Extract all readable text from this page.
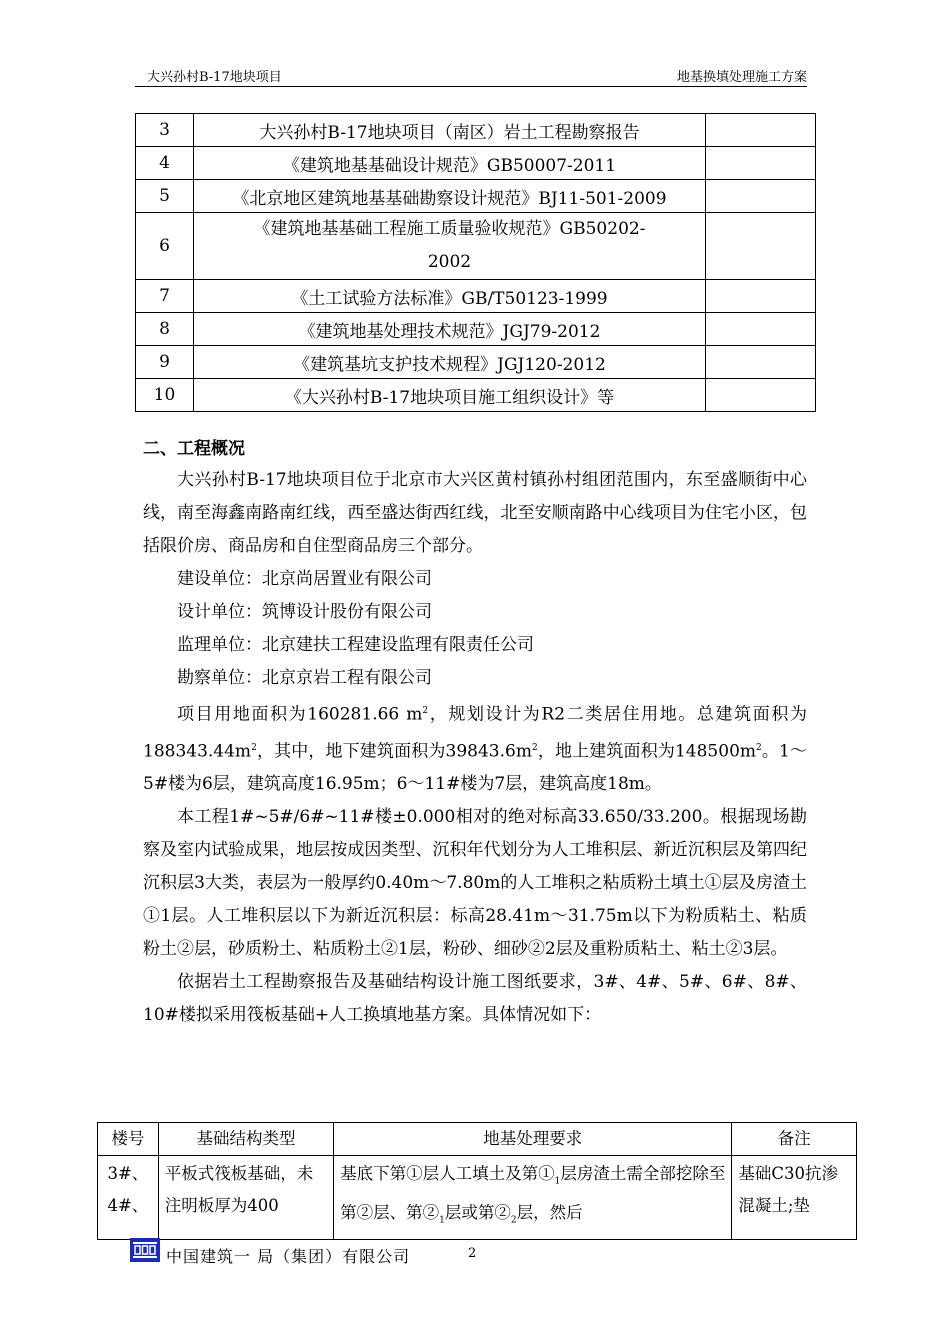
大兴孙村B-17地块项目	地基换填处理施工方案
3	大兴孙村B-17地块项目（南区）岩土工程勘察报告	
4	《建筑地基基础设计规范》GB50007-2011	
5	《北京地区建筑地基基础勘察设计规范》BJ11-501-2009	
6	《建筑地基基础工程施工质量验收规范》GB50202-
2002	

7	《土工试验方法标准》GB/T50123-1999	
8	《建筑地基处理技术规范》JGJ79-2012	
9	《建筑基坑支护技术规程》JGJ120-2012	
10	《大兴孙村B-17地块项目施工组织设计》等	
二、工程概况

大兴孙村B-17地块项目位于北京市大兴区黄村镇孙村组团范围内，东至盛顺街中心线，南至海鑫南路南红线，西至盛达街西红线，北至安顺南路中心线项目为住宅小区，包括限价房、商品房和自住型商品房三个部分。

建设单位：北京尚居置业有限公司

设计单位：筑博设计股份有限公司

监理单位：北京建扶工程建设监理有限责任公司

勘察单位：北京京岩工程有限公司

项目用地面积为160281.66 $m^2$，规划设计为R2二类居住用地。总建筑面积为$188343.44m^2$，其中，地下建筑面积为$39843.6m^2$，地上建筑面积为$148500m^2$。1～5#楼为6层，建筑高度16.95m；6～11#楼为7层，建筑高度18m。

本工程1#~5#/6#~11#楼±0.000相对的绝对标高33.650/33.200。根据现场勘察及室内试验成果，地层按成因类型、沉积年代划分为人工堆积层、新近沉积层及第四纪沉积层3大类，表层为一般厚约0.40m～7.80m的人工堆积之粘质粉土填土①层及房渣土①1层。人工堆积层以下为新近沉积层：标高28.41m～31.75m以下为粉质粘土、粘质粉土②层，砂质粉土、粘质粉土②1层，粉砂、细砂②2层及重粉质粘土、粘土②3层。

依据岩土工程勘察报告及基础结构设计施工图纸要求，3#、4#、5#、6#、8#、10#楼拟采用筏板基础+人工换填地基方案。具体情况如下：

楼号	基础结构类型	地基处理要求	备注
3#、4#、	平板式筏板基础，未注明板厚为400	基底下第①层人工填土及第$①_1$层房渣土需全部挖除至第②层、第$②_1$层或第$②_2$层，然后	基础C30抗渗混凝土;垫
中国建筑一 局（集团）有限公司	2
